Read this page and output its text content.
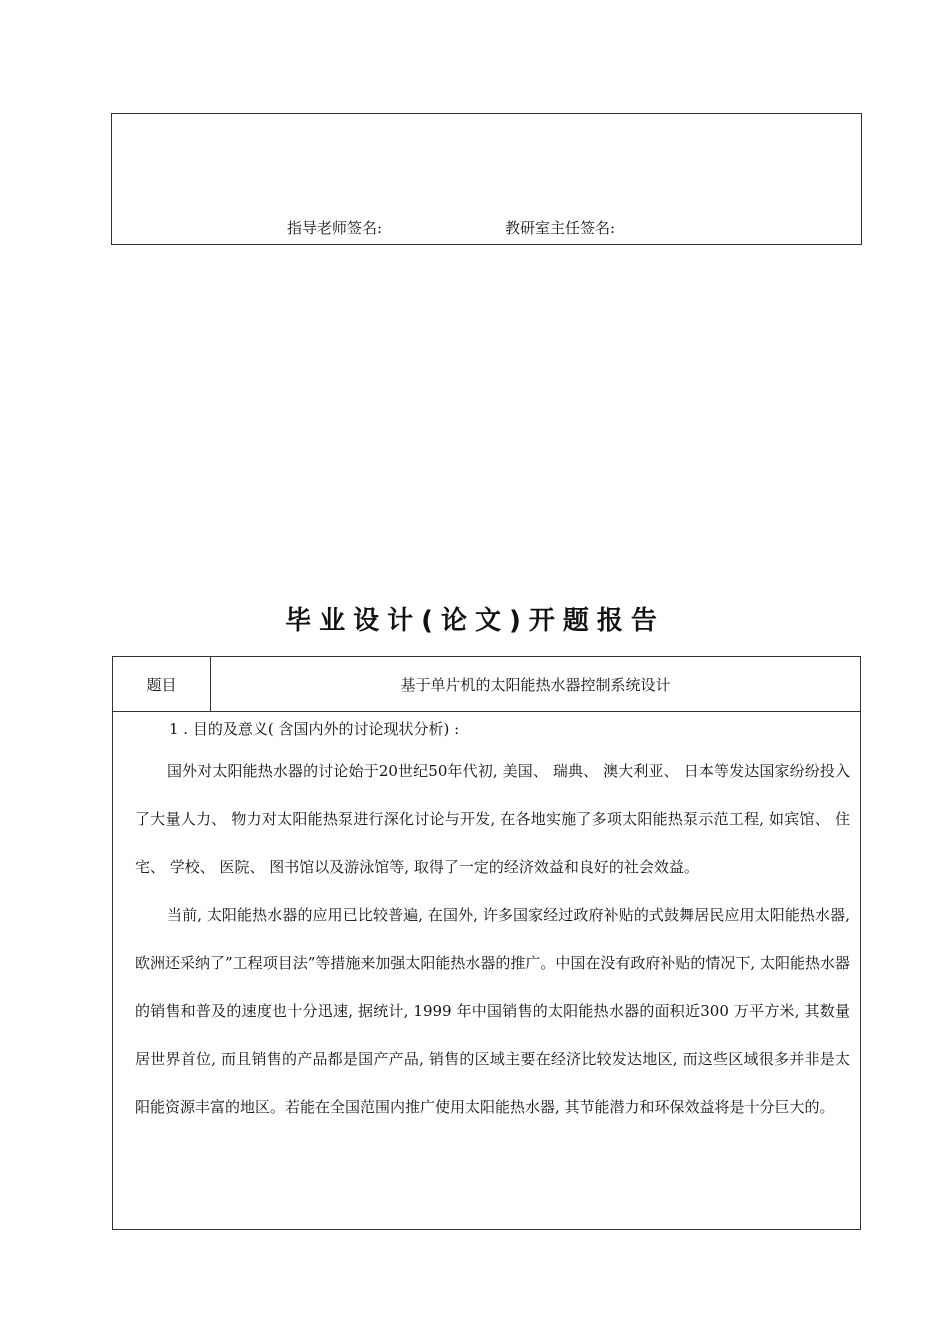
指导老师签名:	教研室主任签名:
毕业设计(论文)开题报告
题目	基于单片机的太阳能热水器控制系统设计

1 . 目的及意义( 含国内外的讨论现状分析) :

国外对太阳能热水器的讨论始于20世纪50年代初, 美国、 瑞典、 澳大利亚、 日本等发达国家纷纷投入了大量人力、 物力对太阳能热泵进行深化讨论与开发, 在各地实施了多项太阳能热泵示范工程, 如宾馆、 住宅、 学校、 医院、 图书馆以及游泳馆等, 取得了一定的经济效益和良好的社会效益。

当前, 太阳能热水器的应用已比较普遍, 在国外, 许多国家经过政府补贴的式鼓舞居民应用太阳能热水器, 欧洲还采纳了”工程项目法”等措施来加强太阳能热水器的推广。中国在没有政府补贴的情况下, 太阳能热水器的销售和普及的速度也十分迅速, 据统计, 1999 年中国销售的太阳能热水器的面积近300 万平方米, 其数量居世界首位, 而且销售的产品都是国产产品, 销售的区域主要在经济比较发达地区, 而这些区域很多并非是太阳能资源丰富的地区。若能在全国范围内推广使用太阳能热水器, 其节能潜力和环保效益将是十分巨大的。
